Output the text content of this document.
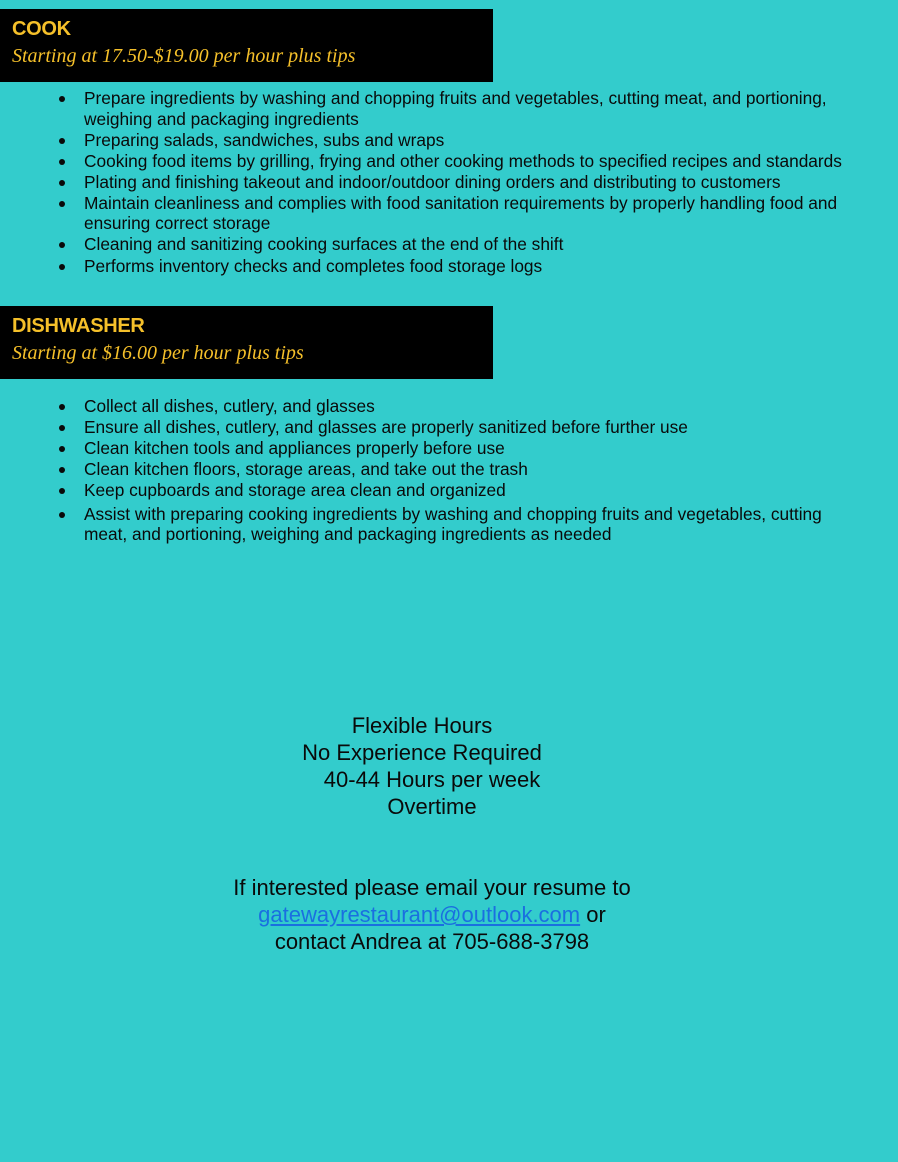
COOK
Starting at 17.50-$19.00 per hour plus tips
Prepare ingredients by washing and chopping fruits and vegetables, cutting meat, and portioning, weighing and packaging ingredients
Preparing salads, sandwiches, subs and wraps
Cooking food items by grilling, frying and other cooking methods to specified recipes and standards
Plating and finishing takeout and indoor/outdoor dining orders and distributing to customers
Maintain cleanliness and complies with food sanitation requirements by properly handling food and ensuring correct storage
Cleaning and sanitizing cooking surfaces at the end of the shift
Performs inventory checks and completes food storage logs
DISHWASHER
Starting at $16.00 per hour plus tips
Collect all dishes, cutlery, and glasses
Ensure all dishes, cutlery, and glasses are properly sanitized before further use
Clean kitchen tools and appliances properly before use
Clean kitchen floors, storage areas, and take out the trash
Keep cupboards and storage area clean and organized
Assist with preparing cooking ingredients by washing and chopping fruits and vegetables, cutting meat, and portioning, weighing and packaging ingredients as needed
Flexible Hours
No Experience Required
40-44 Hours per week
Overtime
If interested please email your resume to
gatewayrestaurant@outlook.com or
contact Andrea at 705-688-3798
